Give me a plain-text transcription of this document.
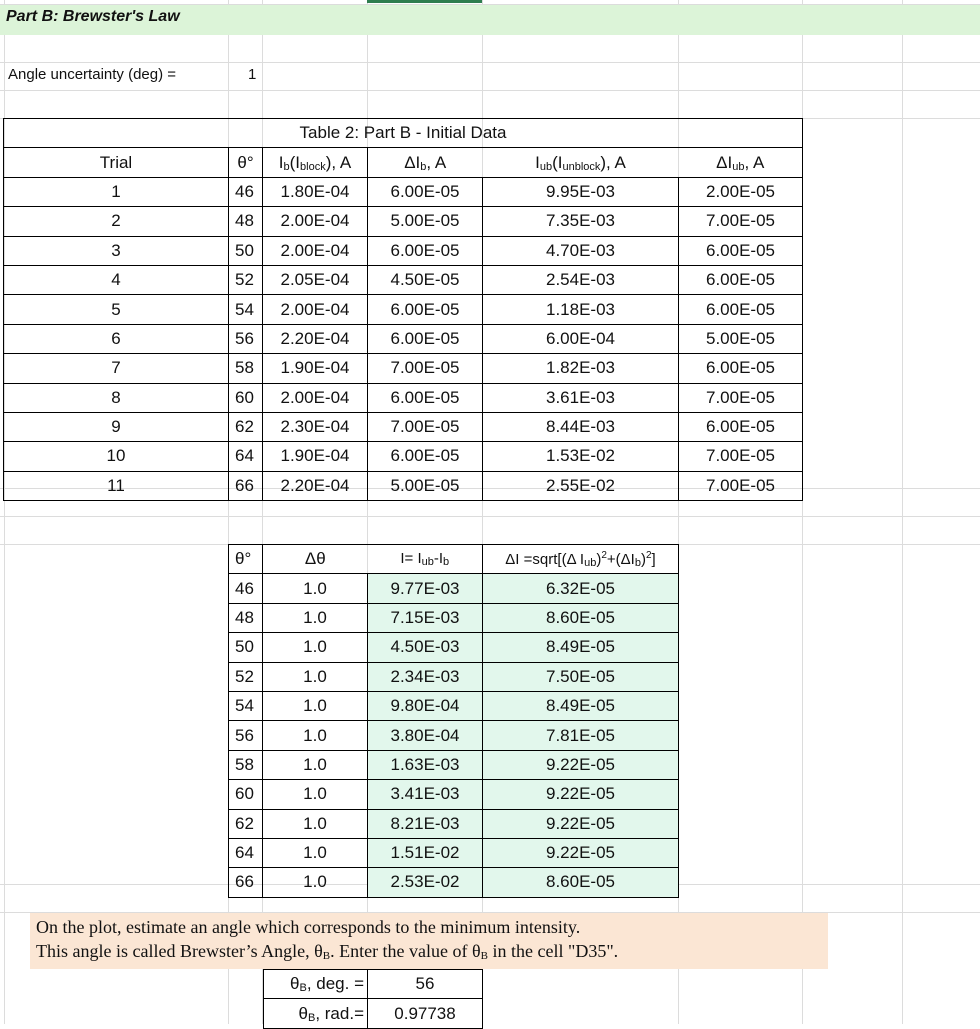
Part B: Brewster's Law
Angle uncertainty (deg) =	1
Table 2: Part B - Initial Data					
Trial	θ°	Ib(Iblock), A	ΔIb, A	Iub(Iunblock), A	ΔIub, A
1	46	1.80E-04	6.00E-05	9.95E-03	2.00E-05
2	48	2.00E-04	5.00E-05	7.35E-03	7.00E-05
3	50	2.00E-04	6.00E-05	4.70E-03	6.00E-05
4	52	2.05E-04	4.50E-05	2.54E-03	6.00E-05
5	54	2.00E-04	6.00E-05	1.18E-03	6.00E-05
6	56	2.20E-04	6.00E-05	6.00E-04	5.00E-05
7	58	1.90E-04	7.00E-05	1.82E-03	6.00E-05
8	60	2.00E-04	6.00E-05	3.61E-03	7.00E-05
9	62	2.30E-04	7.00E-05	8.44E-03	6.00E-05
10	64	1.90E-04	6.00E-05	1.53E-02	7.00E-05
11	66	2.20E-04	5.00E-05	2.55E-02	7.00E-05
θ°	Δθ	I= Iub-Ib	ΔI =sqrt[(Δ $Iub)^2+(\Delta Ib)^2$]
46	1.0	9.77E-03	6.32E-05
48	1.0	7.15E-03	8.60E-05
50	1.0	4.50E-03	8.49E-05
52	1.0	2.34E-03	7.50E-05
54	1.0	9.80E-04	8.49E-05
56	1.0	3.80E-04	7.81E-05
58	1.0	1.63E-03	9.22E-05
60	1.0	3.41E-03	9.22E-05
62	1.0	8.21E-03	9.22E-05
64	1.0	1.51E-02	9.22E-05
66	1.0	2.53E-02	8.60E-05
On the plot, estimate an angle which corresponds to the minimum intensity.
This angle is called Brewster’s Angle, θB. Enter the value of θB in the cell "D35".
θB, deg. =	56
θB, rad.=	0.97738
